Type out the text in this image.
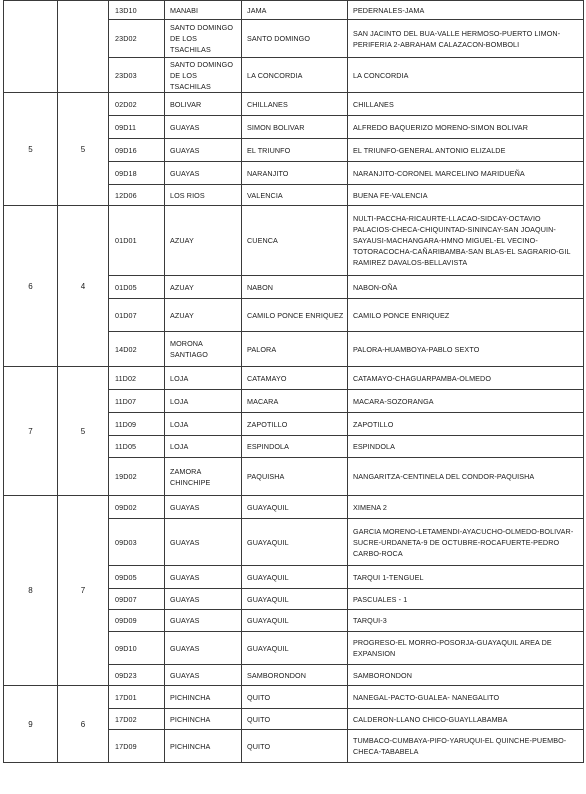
		13D10	MANABI	JAMA	PEDERNALES-JAMA
		23D02	SANTO DOMINGO DE LOS TSACHILAS	SANTO DOMINGO	SAN JACINTO DEL BUA-VALLE HERMOSO-PUERTO LIMON-PERIFERIA 2-ABRAHAM CALAZACON-BOMBOLI
		23D03	SANTO DOMINGO DE LOS TSACHILAS	LA CONCORDIA	LA CONCORDIA
5	5	02D02	BOLIVAR	CHILLANES	CHILLANES
		09D11	GUAYAS	SIMON BOLIVAR	ALFREDO BAQUERIZO MORENO-SIMON BOLIVAR
		09D16	GUAYAS	EL TRIUNFO	EL TRIUNFO-GENERAL ANTONIO ELIZALDE
		09D18	GUAYAS	NARANJITO	NARANJITO-CORONEL MARCELINO MARIDUEÑA
		12D06	LOS RIOS	VALENCIA	BUENA FE-VALENCIA
6	4	01D01	AZUAY	CUENCA	NULTI-PACCHA-RICAURTE-LLACAO-SIDCAY-OCTAVIO PALACIOS-CHECA-CHIQUINTAD-SININCAY-SAN JOAQUIN-SAYAUSI-MACHANGARA-HMNO MIGUEL-EL VECINO-TOTORACOCHA-CAÑARIBAMBA-SAN BLAS-EL SAGRARIO-GIL RAMIREZ DAVALOS-BELLAVISTA
		01D05	AZUAY	NABON	NABON-OÑA
		01D07	AZUAY	CAMILO PONCE ENRIQUEZ	CAMILO PONCE ENRIQUEZ
		14D02	MORONA SANTIAGO	PALORA	PALORA-HUAMBOYA-PABLO SEXTO
7	5	11D02	LOJA	CATAMAYO	CATAMAYO-CHAGUARPAMBA-OLMEDO
		11D07	LOJA	MACARA	MACARA-SOZORANGA
		11D09	LOJA	ZAPOTILLO	ZAPOTILLO
		11D05	LOJA	ESPINDOLA	ESPINDOLA
		19D02	ZAMORA CHINCHIPE	PAQUISHA	NANGARITZA-CENTINELA DEL CONDOR-PAQUISHA
8	7	09D02	GUAYAS	GUAYAQUIL	XIMENA 2
		09D03	GUAYAS	GUAYAQUIL	GARCIA MORENO-LETAMENDI-AYACUCHO-OLMEDO-BOLIVAR-SUCRE-URDANETA-9 DE OCTUBRE-ROCAFUERTE-PEDRO CARBO-ROCA
		09D05	GUAYAS	GUAYAQUIL	TARQUI 1-TENGUEL
		09D07	GUAYAS	GUAYAQUIL	PASCUALES - 1
		09D09	GUAYAS	GUAYAQUIL	TARQUI-3
		09D10	GUAYAS	GUAYAQUIL	PROGRESO-EL MORRO-POSORJA-GUAYAQUIL AREA DE EXPANSION
		09D23	GUAYAS	SAMBORONDON	SAMBORONDON
9	6	17D01	PICHINCHA	QUITO	NANEGAL-PACTO-GUALEA- NANEGALITO
		17D02	PICHINCHA	QUITO	CALDERON-LLANO CHICO-GUAYLLABAMBA
		17D09	PICHINCHA	QUITO	TUMBACO-CUMBAYA-PIFO-YARUQUI-EL QUINCHE-PUEMBO-CHECA-TABABELA
